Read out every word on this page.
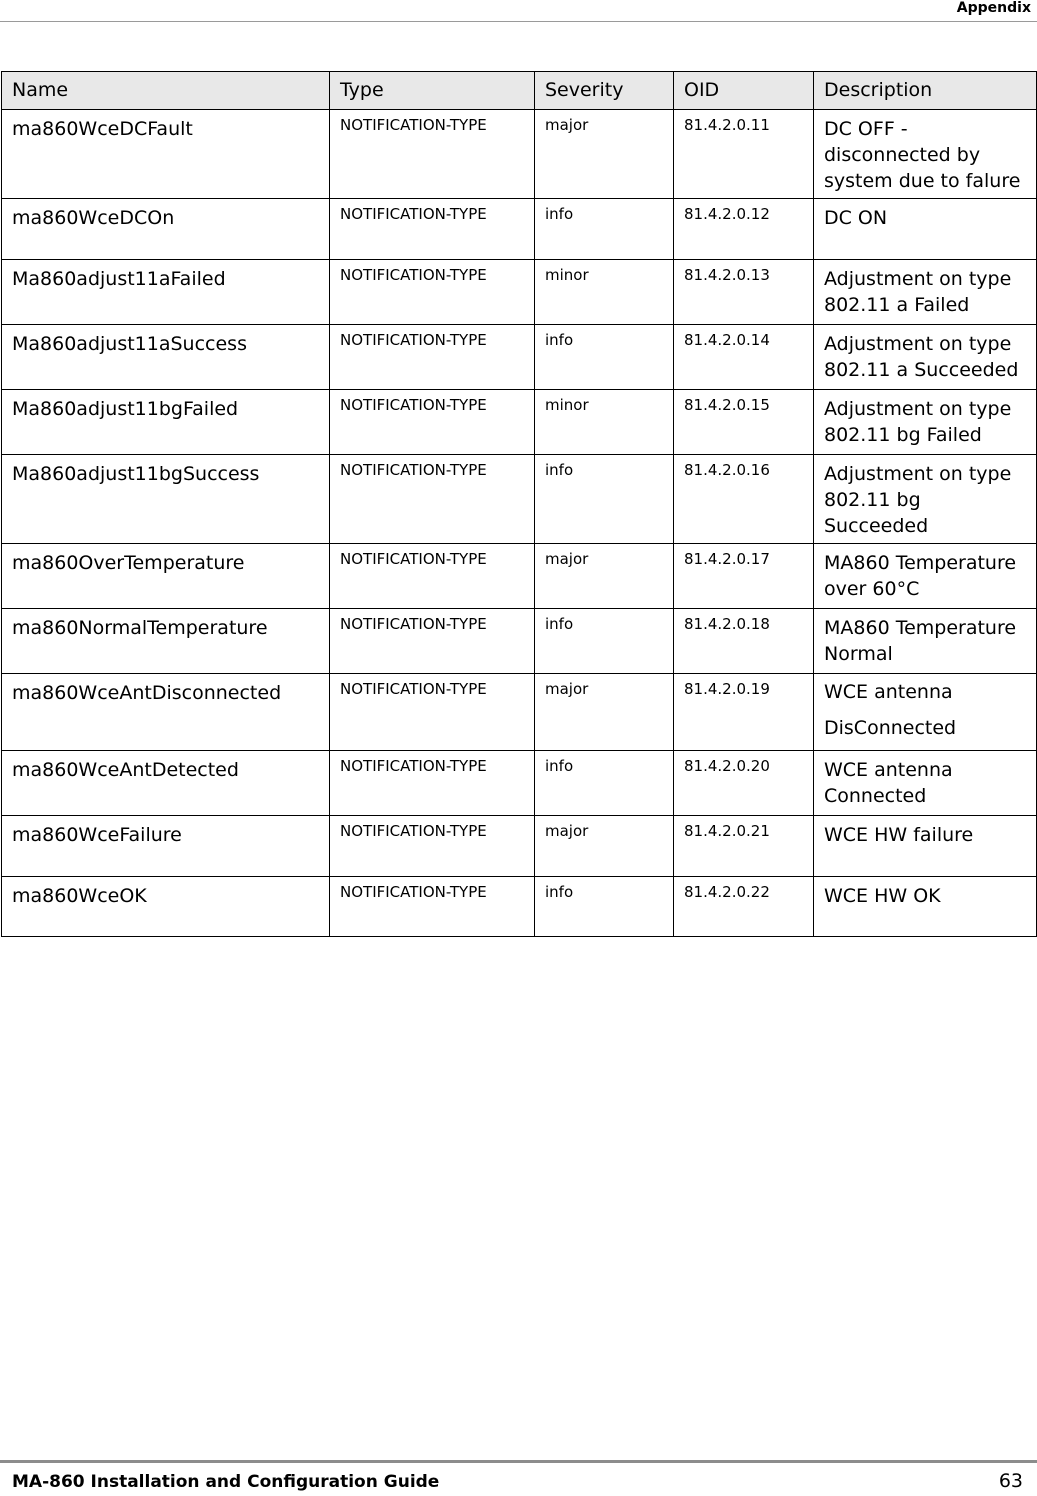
Appendix
Name	Type	Severity	OID	Description
ma860WceDCFault	NOTIFICATION-TYPE	major	81.4.2.0.11	DC OFF - disconnected by system due to falure
ma860WceDCOn	NOTIFICATION-TYPE	info	81.4.2.0.12	DC ON
Ma860adjust11aFailed	NOTIFICATION-TYPE	minor	81.4.2.0.13	Adjustment on type 802.11 a Failed
Ma860adjust11aSuccess	NOTIFICATION-TYPE	info	81.4.2.0.14	Adjustment on type 802.11 a Succeeded
Ma860adjust11bgFailed	NOTIFICATION-TYPE	minor	81.4.2.0.15	Adjustment on type 802.11 bg Failed
Ma860adjust11bgSuccess	NOTIFICATION-TYPE	info	81.4.2.0.16	Adjustment on type 802.11 bg Succeeded
ma860OverTemperature	NOTIFICATION-TYPE	major	81.4.2.0.17	MA860 Temperature over 60°C
ma860NormalTemperature	NOTIFICATION-TYPE	info	81.4.2.0.18	MA860 Temperature Normal
ma860WceAntDisconnected	NOTIFICATION-TYPE	major	81.4.2.0.19	WCE antenna DisConnected
ma860WceAntDetected	NOTIFICATION-TYPE	info	81.4.2.0.20	WCE antenna Connected
ma860WceFailure	NOTIFICATION-TYPE	major	81.4.2.0.21	WCE HW failure
ma860WceOK	NOTIFICATION-TYPE	info	81.4.2.0.22	WCE HW OK
MA-860 Installation and Configuration Guide	63
